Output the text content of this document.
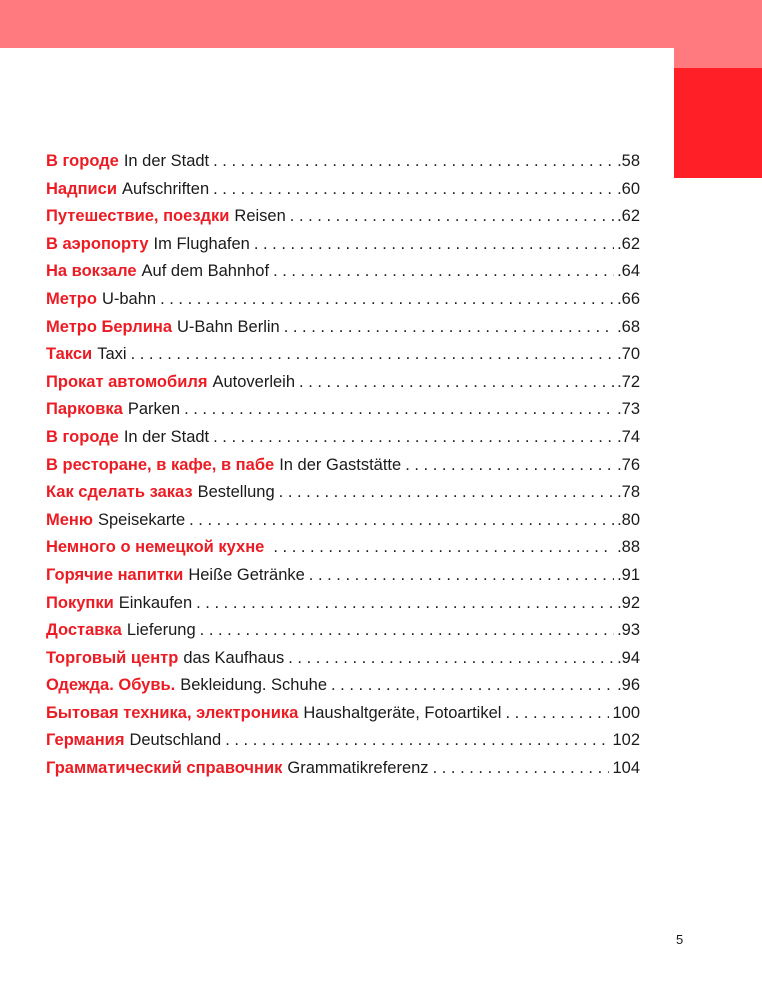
В городе In der Stadt . . .	.58
Надписи Aufschriften . . .	.60
Путешествие, поездки Reisen . . .	.62
В аэропорту Im Flughafen . . .	.62
На вокзале Auf dem Bahnhof . . .	.64
Метро U-bahn . . .	.66
Метро Берлина U-Bahn Berlin . . .	.68
Такси Taxi . . .	.70
Прокат автомобиля Autoverleih . . .	.72
Парковка Parken . . .	.73
В городе In der Stadt . . .	.74
В ресторане, в кафе, в пабе In der Gaststätte . . .	.76
Как сделать заказ Bestellung . . .	.78
Меню Speisekarte . . .	.80
Немного о немецкой кухне . . .	.88
Горячие напитки Heiße Getränke . . .	.91
Покупки Einkaufen . . .	.92
Доставка Lieferung . . .	.93
Торговый центр das Kaufhaus . . .	.94
Одежда. Обувь. Bekleidung. Schuhe . . .	.96
Бытовая техника, электроника Haushaltgeräte, Fotoartikel . . .	100
Германия Deutschland . . .	102
Грамматический справочник Grammatikreferenz . . .	104
5
